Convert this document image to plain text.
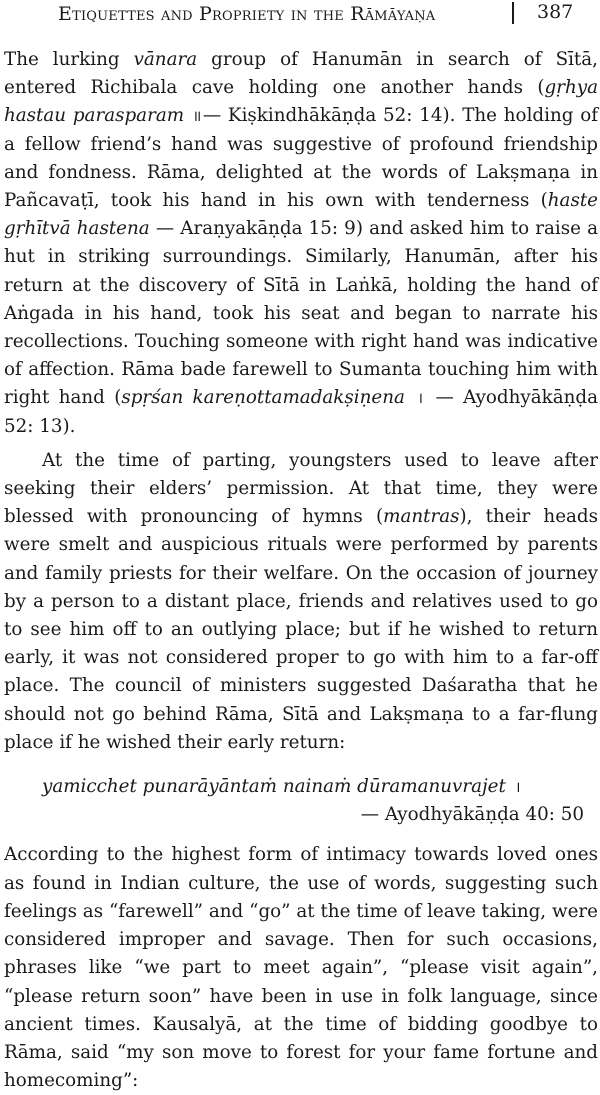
Etiquettes and Propriety in the Rāmāyaṇa	387

The lurking vānara group of Hanumān in search of Sītā, entered Richibala cave holding one another hands (gṛhya hastau parasparam ॥— Kiṣkindhākāṇḍa 52: 14). The holding of a fellow friend’s hand was suggestive of profound friendship and fondness. Rāma, delighted at the words of Lakṣmaṇa in Pañcavaṭī, took his hand in his own with tenderness (haste gṛhītvā hastena — Araṇyakāṇḍa 15: 9) and asked him to raise a hut in striking surroundings. Similarly, Hanumān, after his return at the discovery of Sītā in Laṅkā, holding the hand of Aṅgada in his hand, took his seat and began to narrate his recollections. Touching someone with right hand was indicative of affection. Rāma bade farewell to Sumanta touching him with right hand (spṛśan kareṇottamadakṣiṇena । — Ayodhyākāṇḍa 52: 13).

At the time of parting, youngsters used to leave after seeking their elders’ permission. At that time, they were blessed with pronouncing of hymns (mantras), their heads were smelt and auspicious rituals were performed by parents and family priests for their welfare. On the occasion of journey by a person to a distant place, friends and relatives used to go to see him off to an outlying place; but if he wished to return early, it was not considered proper to go with him to a far-off place. The council of ministers suggested Daśaratha that he should not go behind Rāma, Sītā and Lakṣmaṇa to a far-flung place if he wished their early return:

yamicchet punarāyāntaṁ nainaṁ dūramanuvrajet ।
— Ayodhyākāṇḍa 40: 50

According to the highest form of intimacy towards loved ones as found in Indian culture, the use of words, suggesting such feelings as “farewell” and “go” at the time of leave taking, were considered improper and savage. Then for such occasions, phrases like “we part to meet again”, “please visit again”, “please return soon” have been in use in folk language, since ancient times. Kausalyā, at the time of bidding goodbye to Rāma, said “my son move to forest for your fame fortune and homecoming”:
